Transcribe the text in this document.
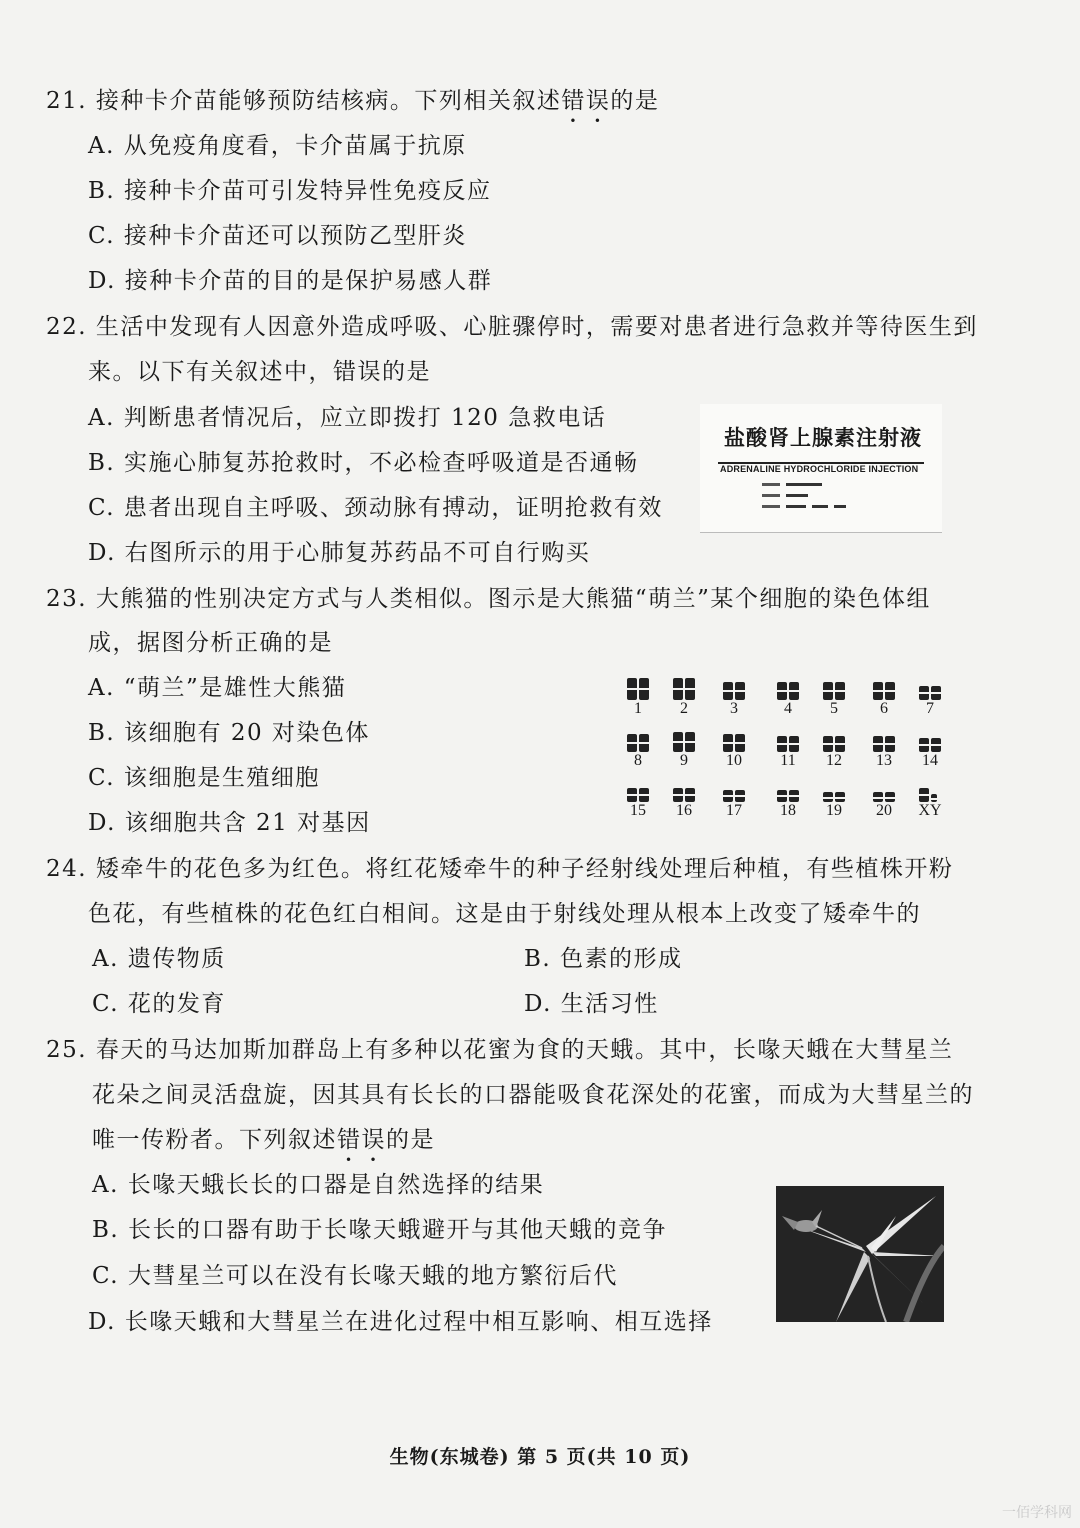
21. 接种卡介苗能够预防结核病。下列相关叙述错误的是
A. 从免疫角度看，卡介苗属于抗原
B. 接种卡介苗可引发特异性免疫反应
C. 接种卡介苗还可以预防乙型肝炎
D. 接种卡介苗的目的是保护易感人群
22. 生活中发现有人因意外造成呼吸、心脏骤停时，需要对患者进行急救并等待医生到
来。以下有关叙述中，错误的是
A. 判断患者情况后，应立即拨打 120 急救电话
B. 实施心肺复苏抢救时，不必检查呼吸道是否通畅
C. 患者出现自主呼吸、颈动脉有搏动，证明抢救有效
D. 右图所示的用于心肺复苏药品不可自行购买
盐酸肾上腺素注射液
ADRENALINE HYDROCHLORIDE INJECTION
23. 大熊猫的性别决定方式与人类相似。图示是大熊猫“萌兰”某个细胞的染色体组
成，据图分析正确的是
A. “萌兰”是雄性大熊猫
B. 该细胞有 20 对染色体
C. 该细胞是生殖细胞
D. 该细胞共含 21 对基因
1	2	3	4	5	6	7
8	9	10	11	12	13	14
15	16	17	18	19	20	XY
24. 矮牵牛的花色多为红色。将红花矮牵牛的种子经射线处理后种植，有些植株开粉
色花，有些植株的花色红白相间。这是由于射线处理从根本上改变了矮牵牛的
A. 遗传物质	B. 色素的形成
C. 花的发育	D. 生活习性
25. 春天的马达加斯加群岛上有多种以花蜜为食的天蛾。其中，长喙天蛾在大彗星兰
花朵之间灵活盘旋，因其具有长长的口器能吸食花深处的花蜜，而成为大彗星兰的
唯一传粉者。下列叙述错误的是
A. 长喙天蛾长长的口器是自然选择的结果
B. 长长的口器有助于长喙天蛾避开与其他天蛾的竞争
C. 大彗星兰可以在没有长喙天蛾的地方繁衍后代
D. 长喙天蛾和大彗星兰在进化过程中相互影响、相互选择
生物(东城卷) 第 5 页(共 10 页)
一佰学科网
